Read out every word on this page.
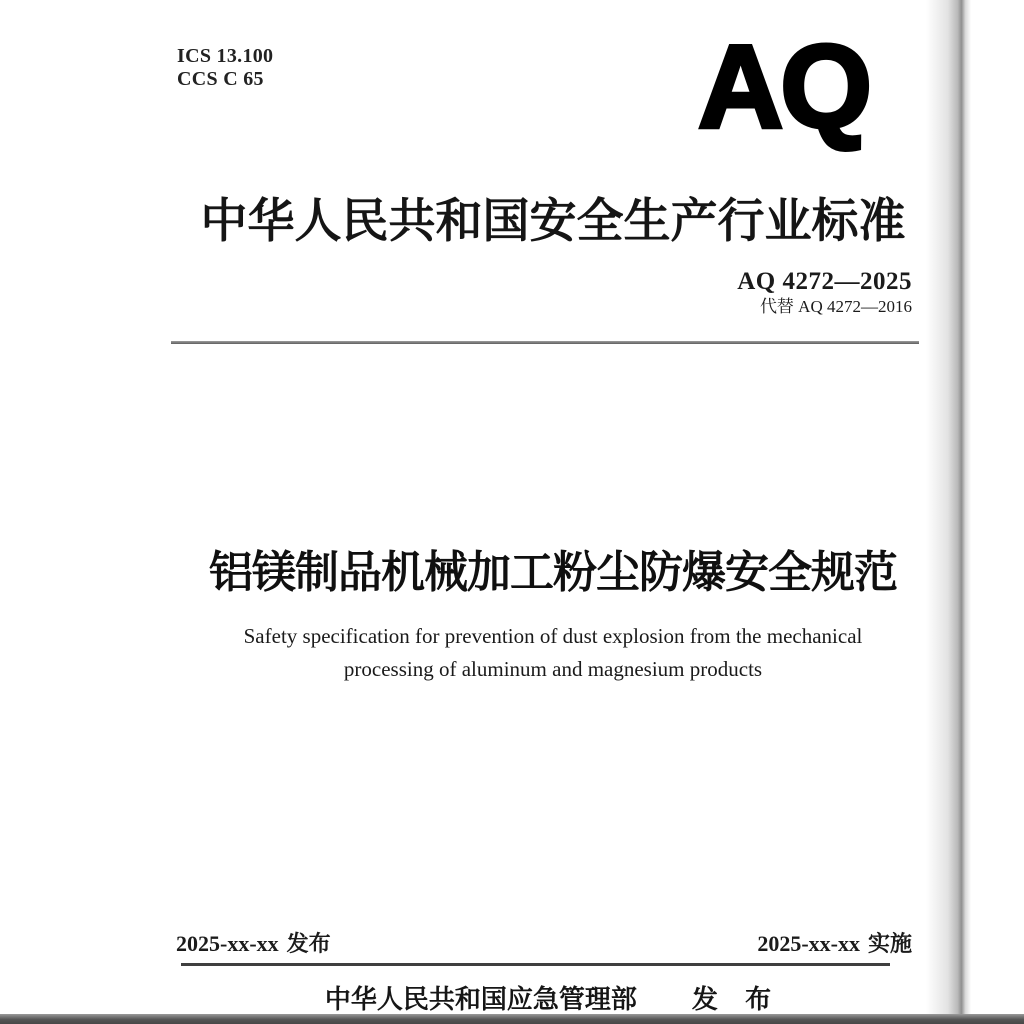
ICS 13.100
CCS C 65	AQ
中华人民共和国安全生产行业标准
AQ 4272—2025
代替 AQ 4272—2016
铝镁制品机械加工粉尘防爆安全规范
Safety specification for prevention of dust explosion from the mechanical
processing of aluminum and magnesium products
2025-xx-xx 发布	2025-xx-xx 实施
中华人民共和国应急管理部 发 布
